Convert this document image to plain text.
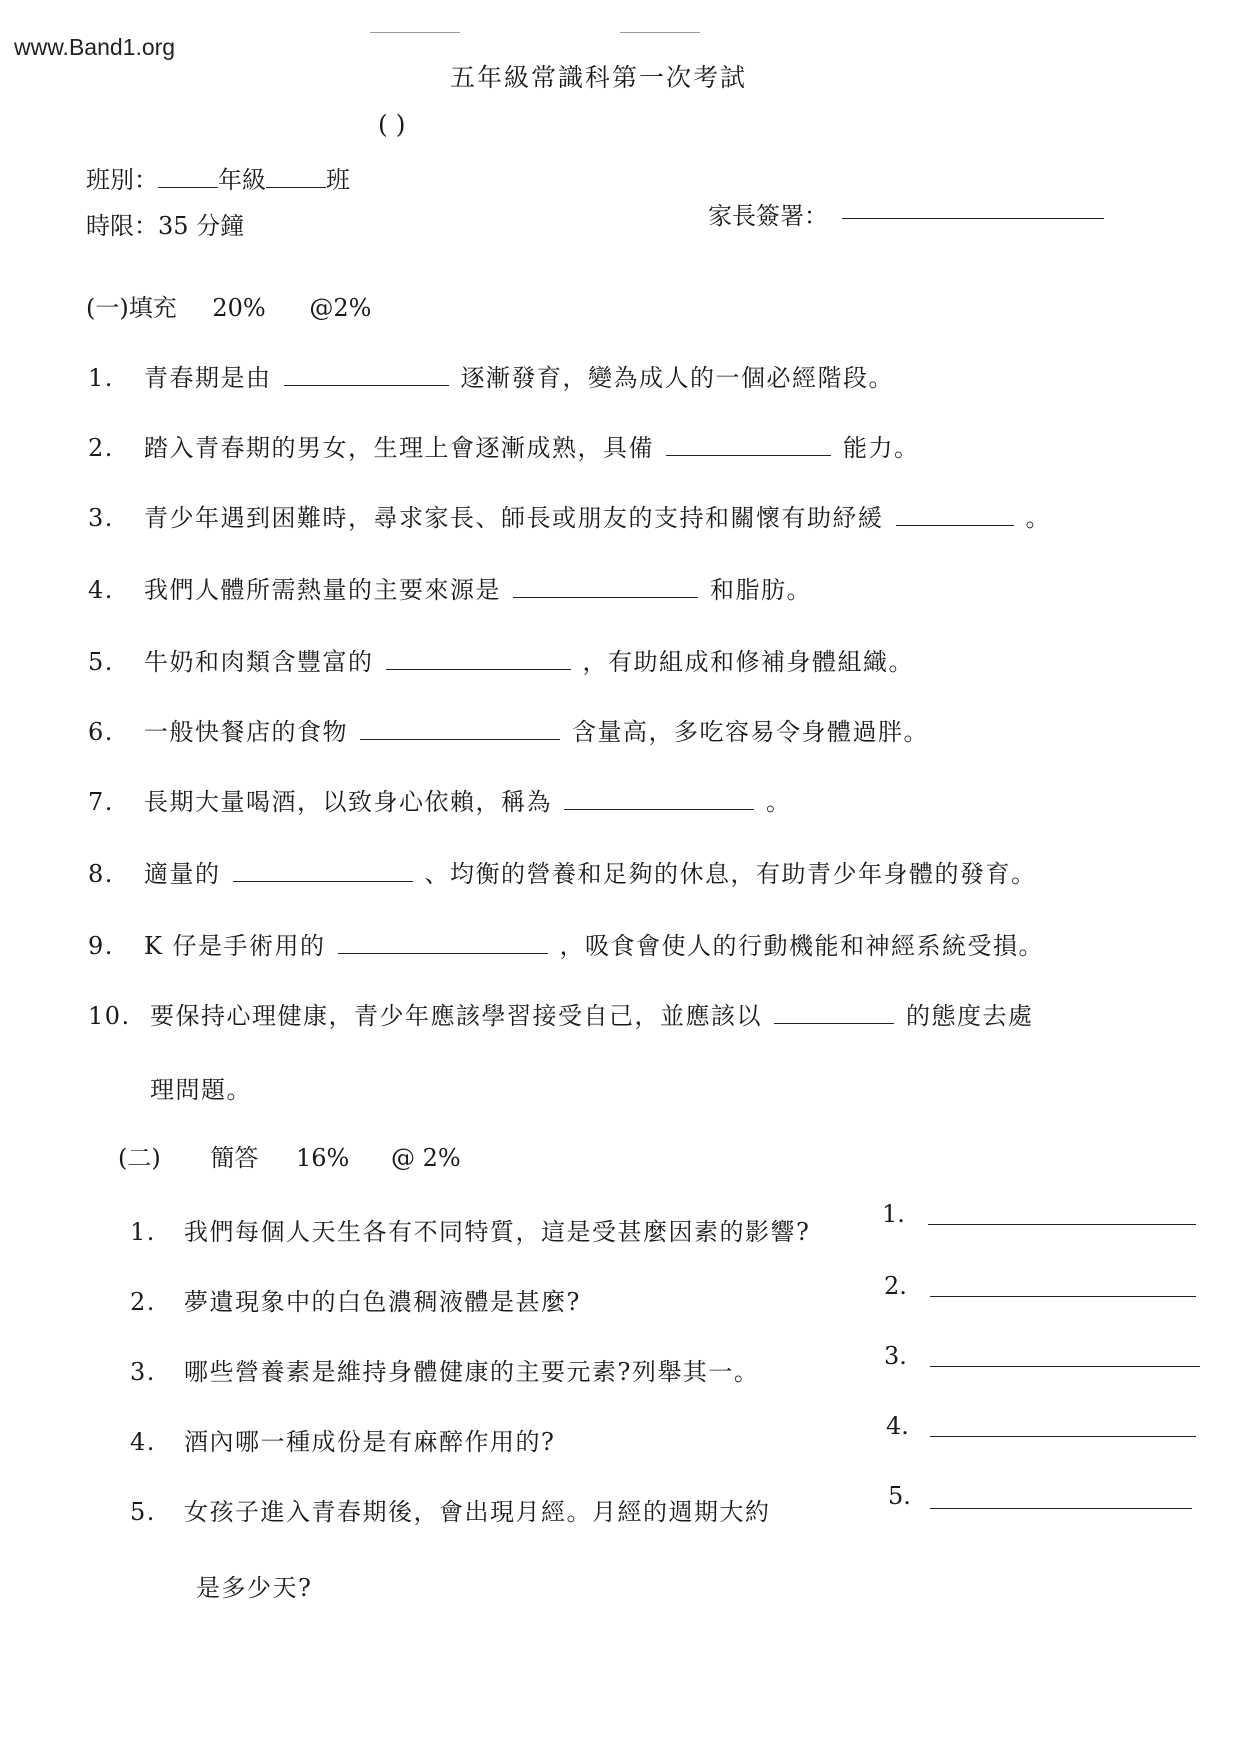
www.Band1.org
五年級常識科第一次考試
( )
班別：	年級	班
時限：35 分鐘	家長簽署：
(一)填充 20% @2%
1. 青春期是由	逐漸發育，變為成人的一個必經階段。
2. 踏入青春期的男女，生理上會逐漸成熟，具備	能力。
3. 青少年遇到困難時，尋求家長、師長或朋友的支持和關懷有助紓緩	。
4. 我們人體所需熱量的主要來源是	和脂肪。
5. 牛奶和肉類含豐富的	，有助組成和修補身體組織。
6. 一般快餐店的食物	含量高，多吃容易令身體過胖。
7. 長期大量喝酒，以致身心依賴，稱為	。
8. 適量的	、均衡的營養和足夠的休息，有助青少年身體的發育。
9. K 仔是手術用的	，吸食會使人的行動機能和神經系統受損。
10. 要保持心理健康，青少年應該學習接受自己，並應該以	的態度去處
理問題。
(二) 簡答 16% @ 2%
1. 我們每個人天生各有不同特質，這是受甚麼因素的影響?
1.
2. 夢遺現象中的白色濃稠液體是甚麼?
2.
3. 哪些營養素是維持身體健康的主要元素?列舉其一。
3.
4. 酒內哪一種成份是有麻醉作用的?
4.
5. 女孩子進入青春期後，會出現月經。月經的週期大約
5.
是多少天?
